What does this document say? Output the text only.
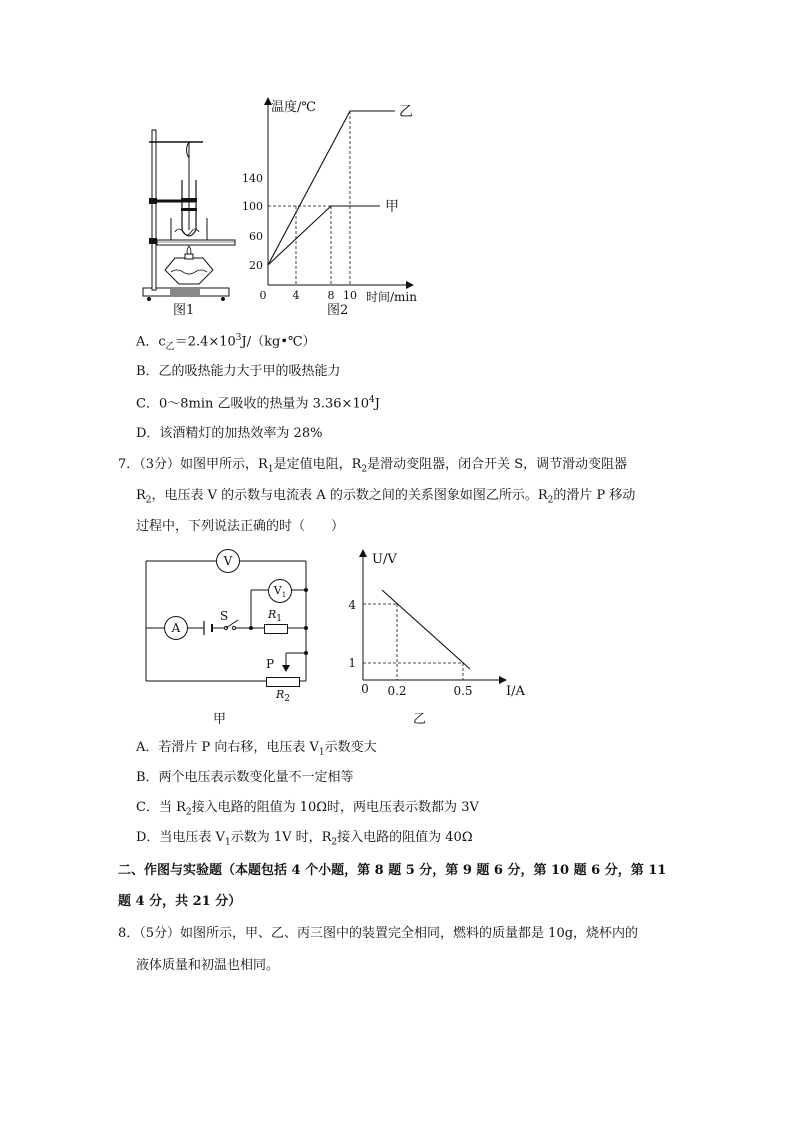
图1
温度/℃	乙
甲
140
100
60
20
0 4	8 10 时间/min
图2
A．$c_乙=2.4\times 10^3J/(kg•℃)$
B．乙的吸热能力大于甲的吸热能力
C．0～8min 乙吸收的热量为 $3.36\times 10^4J$
D．该酒精灯的加热效率为 28%
7．（3分）如图甲所示，$R_1$是定值电阻，$R_2$是滑动变阻器，闭合开关 S，调节滑动变阻器
$R_2$，电压表 V 的示数与电流表 A 的示数之间的关系图象如图乙所示。$R_2$的滑片 P 移动
过程中，下列说法正确的时（　　）
V
$V_1$
A
$R_1$
S
P
$R_2$
甲
U/V
I/A
4
1
0 0.2	0.5
乙
A．若滑片 P 向右移，电压表 $V_1$示数变大
B．两个电压表示数变化量不一定相等
C．当 $R_2$接入电路的阻值为 10Ω时，两电压表示数都为 3V
D．当电压表 $V_1$示数为 1V 时，$R_2$接入电路的阻值为 40Ω
二、作图与实验题（本题包括 4 个小题，第 8 题 5 分，第 9 题 6 分，第 10 题 6 分，第 11
题 4 分，共 21 分）
8．（5分）如图所示，甲、乙、丙三图中的装置完全相同，燃料的质量都是 10g，烧杯内的
液体质量和初温也相同。
